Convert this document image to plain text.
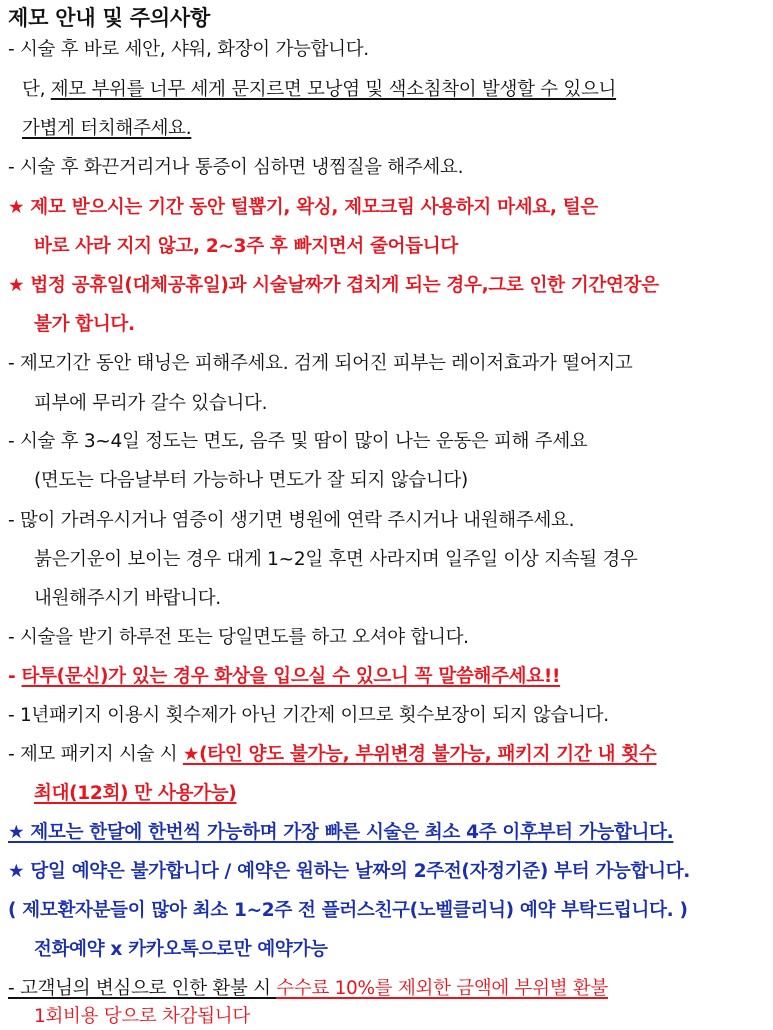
제모 안내 및 주의사항
- 시술 후 바로 세안, 샤워, 화장이 가능합니다.
단, 제모 부위를 너무 세게 문지르면 모낭염 및 색소침착이 발생할 수 있으니
가볍게 터치해주세요.
- 시술 후 화끈거리거나 통증이 심하면 냉찜질을 해주세요.
★ 제모 받으시는 기간 동안 털뽑기, 왁싱, 제모크림 사용하지 마세요, 털은
바로 사라 지지 않고, 2~3주 후 빠지면서 줄어듭니다
★ 법정 공휴일(대체공휴일)과 시술날짜가 겹치게 되는 경우,그로 인한 기간연장은
불가 합니다.
- 제모기간 동안 태닝은 피해주세요. 검게 되어진 피부는 레이저효과가 떨어지고
피부에 무리가 갈수 있습니다.
- 시술 후 3~4일 정도는 면도, 음주 및 땀이 많이 나는 운동은 피해 주세요
(면도는 다음날부터 가능하나 면도가 잘 되지 않습니다)
- 많이 가려우시거나 염증이 생기면 병원에 연락 주시거나 내원해주세요.
붉은기운이 보이는 경우 대게 1~2일 후면 사라지며 일주일 이상 지속될 경우
내원해주시기 바랍니다.
- 시술을 받기 하루전 또는 당일면도를 하고 오셔야 합니다.
- 타투(문신)가 있는 경우 화상을 입으실 수 있으니 꼭 말씀해주세요!!
- 1년패키지 이용시 횟수제가 아닌 기간제 이므로 횟수보장이 되지 않습니다.
- 제모 패키지 시술 시 ★(타인 양도 불가능, 부위변경 불가능, 패키지 기간 내 횟수
최대(12회) 만 사용가능)
★ 제모는 한달에 한번씩 가능하며 가장 빠른 시술은 최소 4주 이후부터 가능합니다.
★ 당일 예약은 불가합니다 / 예약은 원하는 날짜의 2주전(자정기준) 부터 가능합니다.
( 제모환자분들이 많아 최소 1~2주 전 플러스친구(노벨클리닉) 예약 부탁드립니다. )
전화예약 x 카카오톡으로만 예약가능
- 고객님의 변심으로 인한 환불 시 수수료 10%를 제외한 금액에 부위별 환불
1회비용 당으로 차감됩니다
